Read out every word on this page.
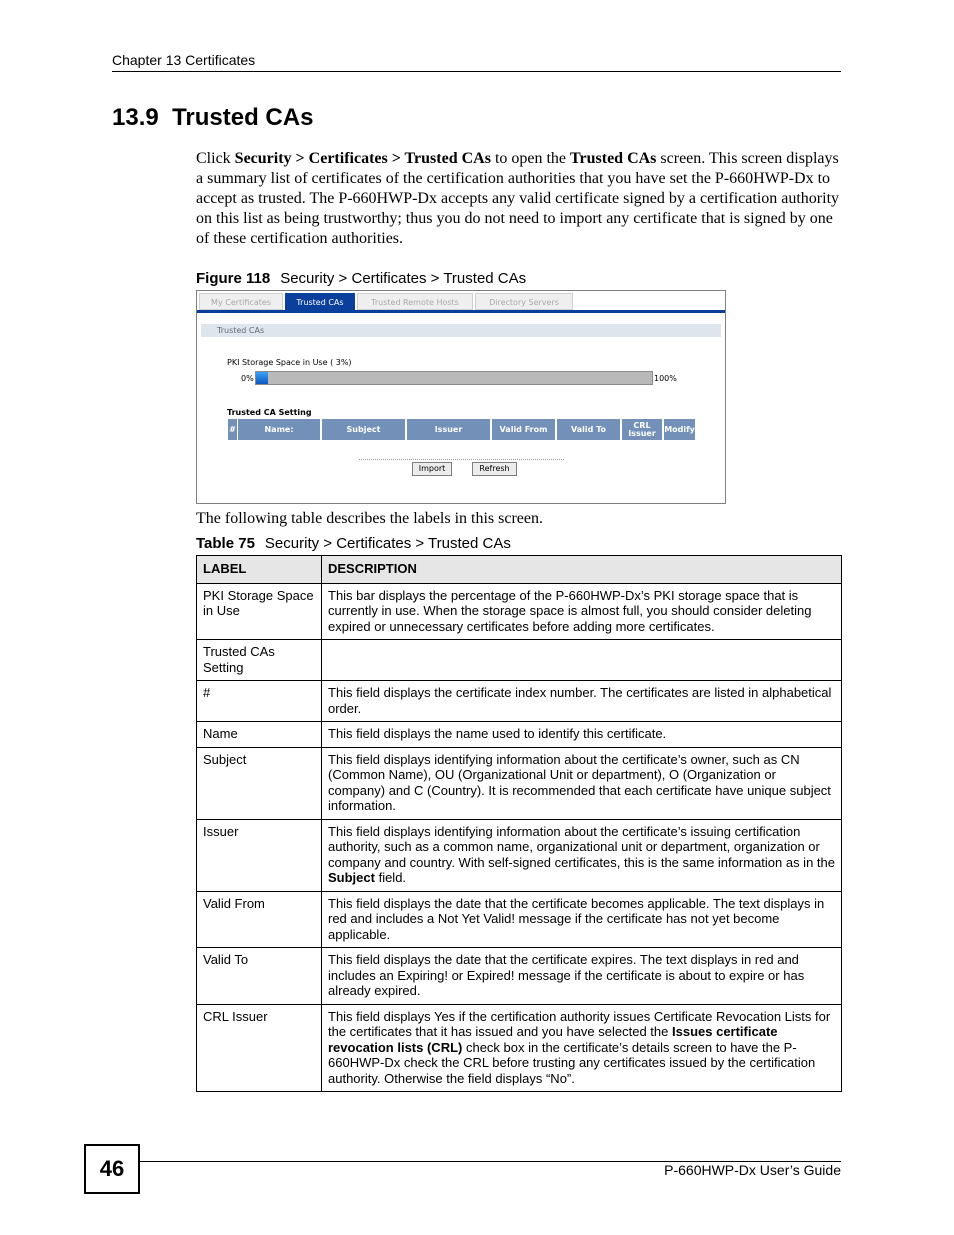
Chapter 13 Certificates
13.9 Trusted CAs
Click Security > Certificates > Trusted CAs to open the Trusted CAs screen. This screen displays a summary list of certificates of the certification authorities that you have set the P-660HWP-Dx to accept as trusted. The P-660HWP-Dx accepts any valid certificate signed by a certification authority on this list as being trustworthy; thus you do not need to import any certificate that is signed by one of these certification authorities.
Figure 118 Security > Certificates > Trusted CAs
My Certificates	Trusted CAs	Trusted Remote Hosts	Directory Servers
Trusted CAs
PKI Storage Space in Use ( 3%)
0%	100%
Trusted CA Setting
#	Name:	Subject	Issuer	Valid From	Valid To	CRL Issuer	Modify
Import	Refresh
The following table describes the labels in this screen.
Table 75 Security > Certificates > Trusted CAs
LABEL	DESCRIPTION
PKI Storage Space in Use	This bar displays the percentage of the P-660HWP-Dx’s PKI storage space that is currently in use. When the storage space is almost full, you should consider deleting expired or unnecessary certificates before adding more certificates.
Trusted CAs Setting	
#	This field displays the certificate index number. The certificates are listed in alphabetical order.
Name	This field displays the name used to identify this certificate.
Subject	This field displays identifying information about the certificate’s owner, such as CN (Common Name), OU (Organizational Unit or department), O (Organization or company) and C (Country). It is recommended that each certificate have unique subject information.
Issuer	This field displays identifying information about the certificate’s issuing certification authority, such as a common name, organizational unit or department, organization or company and country. With self-signed certificates, this is the same information as in the Subject field.
Valid From	This field displays the date that the certificate becomes applicable. The text displays in red and includes a Not Yet Valid! message if the certificate has not yet become applicable.
Valid To	This field displays the date that the certificate expires. The text displays in red and includes an Expiring! or Expired! message if the certificate is about to expire or has already expired.
CRL Issuer	This field displays Yes if the certification authority issues Certificate Revocation Lists for the certificates that it has issued and you have selected the Issues certificate revocation lists (CRL) check box in the certificate’s details screen to have the P-660HWP-Dx check the CRL before trusting any certificates issued by the certification authority. Otherwise the field displays “No”.
46	P-660HWP-Dx User’s Guide
